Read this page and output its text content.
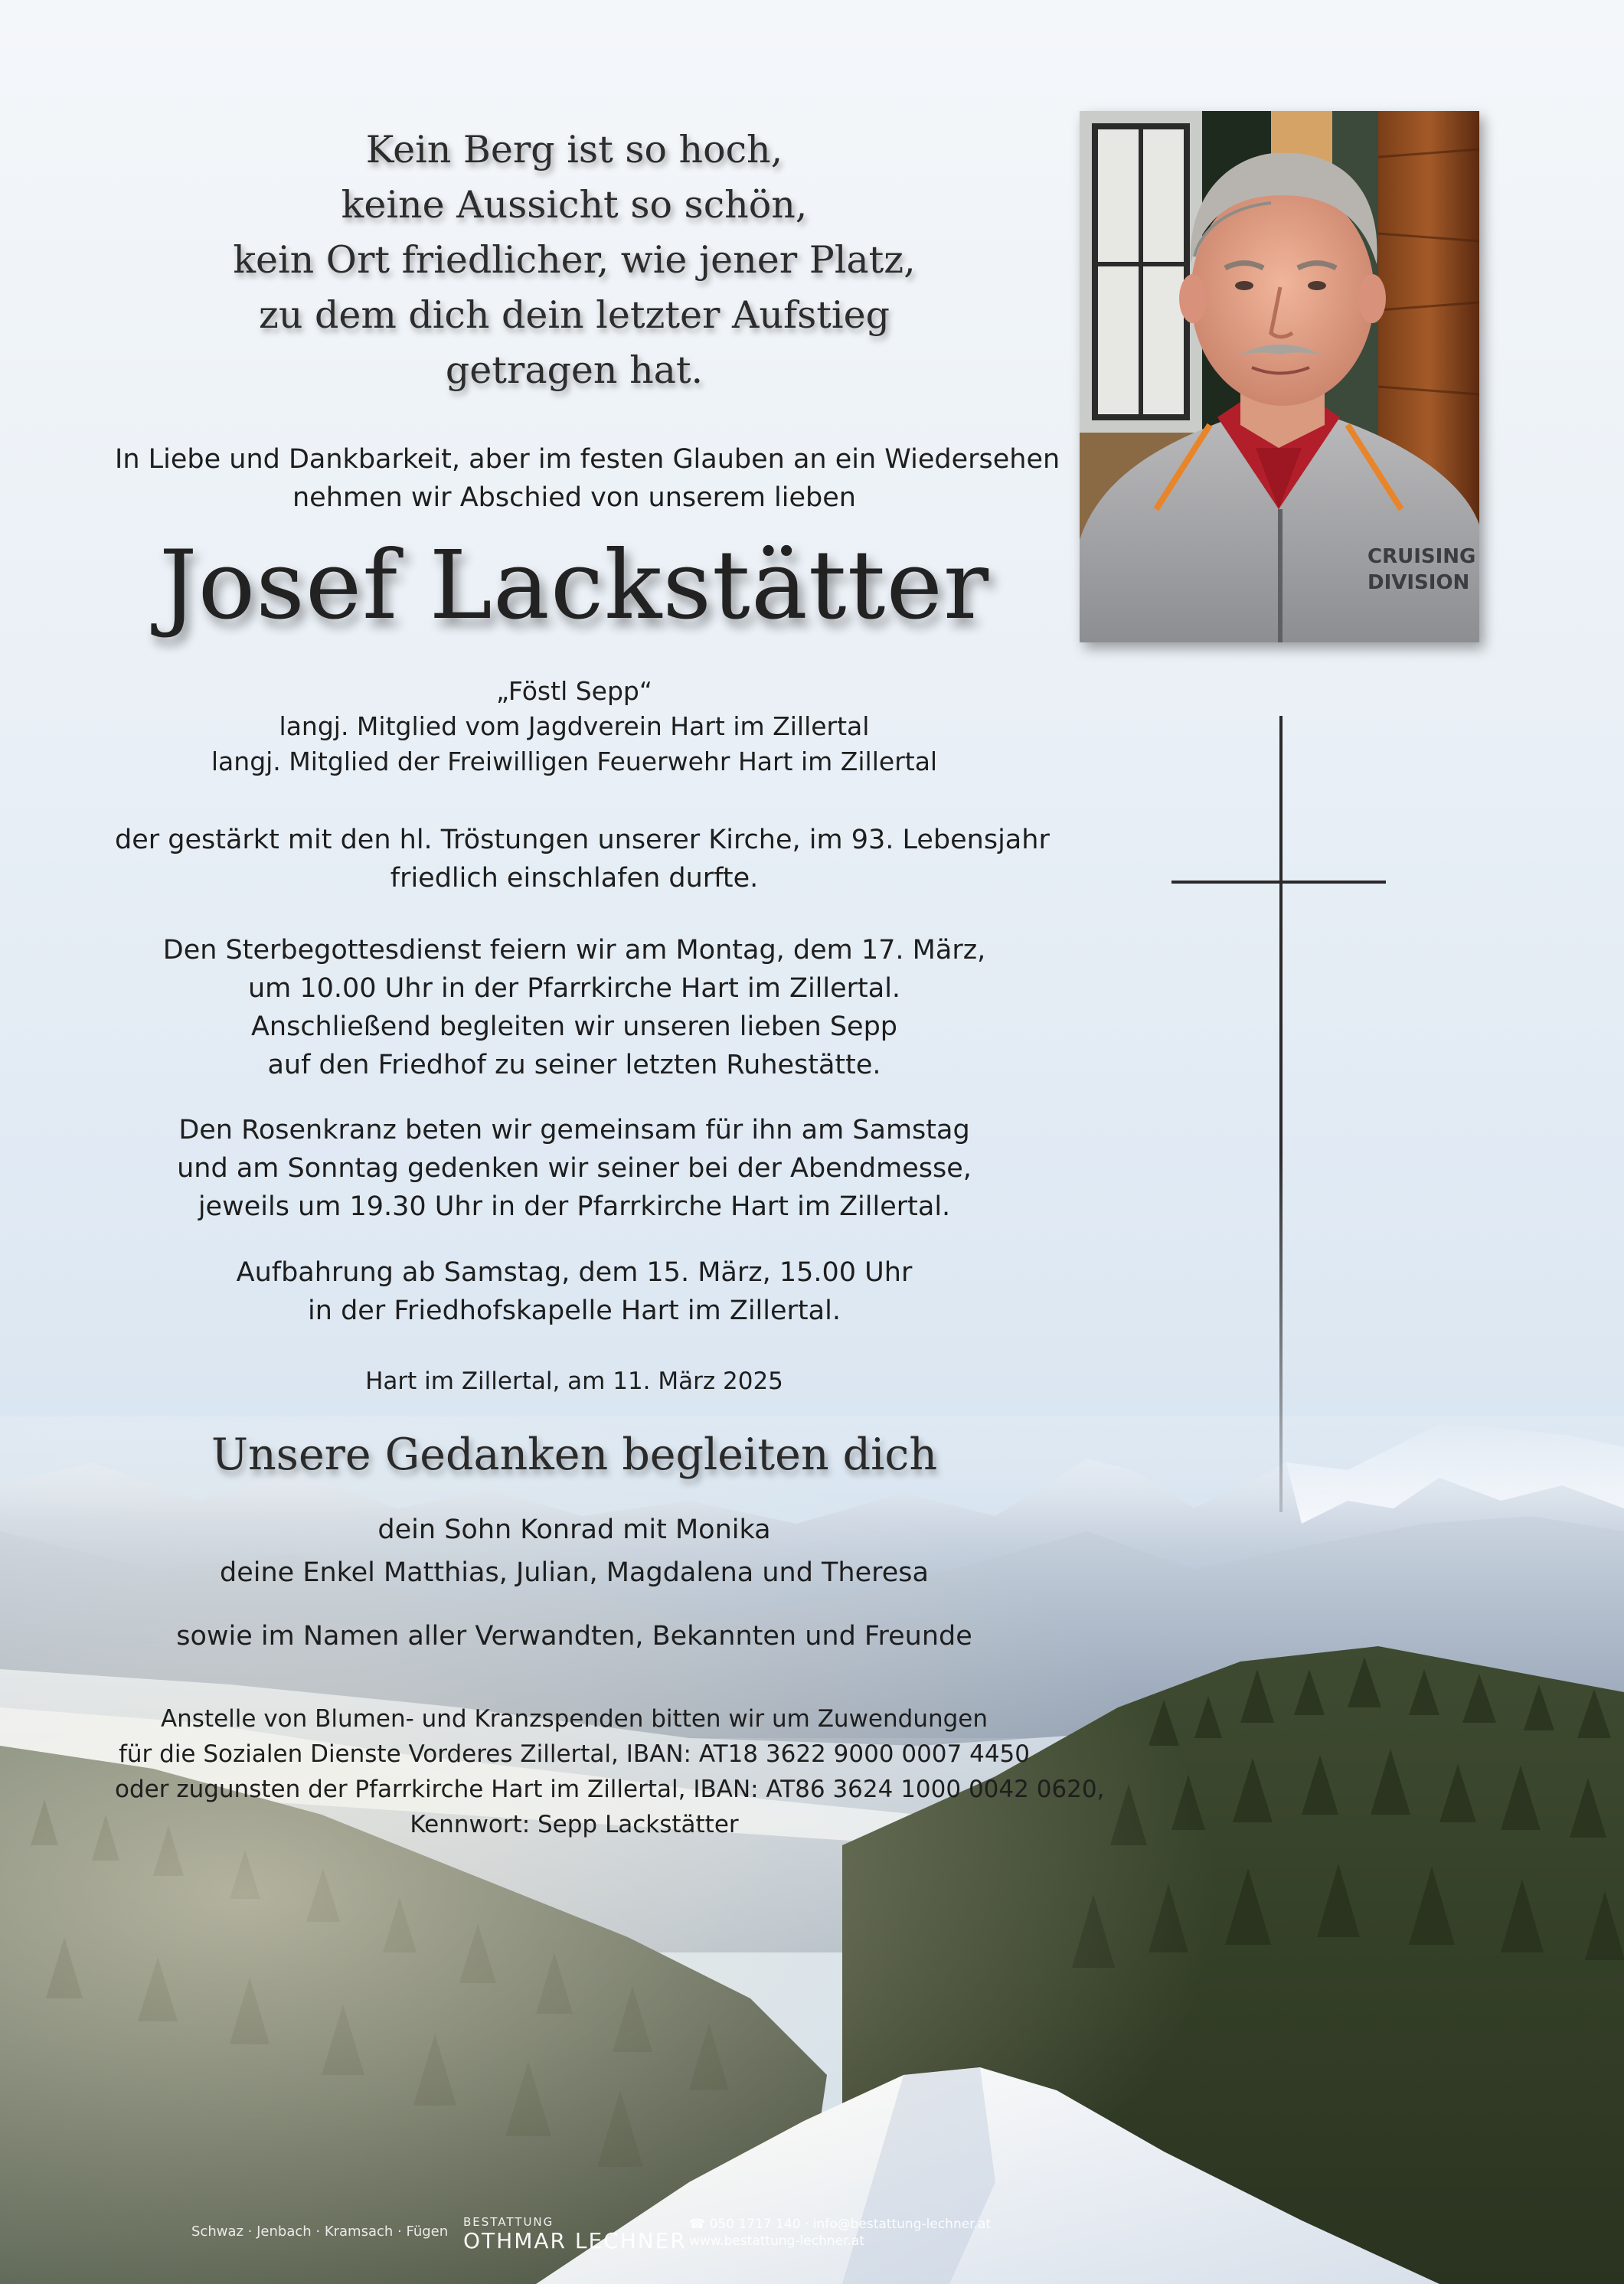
Kein Berg ist so hoch,
keine Aussicht so schön,
kein Ort friedlicher, wie jener Platz,
zu dem dich dein letzter Aufstieg
getragen hat.
In Liebe und Dankbarkeit, aber im festen Glauben an ein Wiedersehen
nehmen wir Abschied von unserem lieben
Josef Lackstätter
„Föstl Sepp“
langj. Mitglied vom Jagdverein Hart im Zillertal
langj. Mitglied der Freiwilligen Feuerwehr Hart im Zillertal
der gestärkt mit den hl. Tröstungen unserer Kirche, im 93. Lebensjahr
friedlich einschlafen durfte.
Den Sterbegottesdienst feiern wir am Montag, dem 17. März,
um 10.00 Uhr in der Pfarrkirche Hart im Zillertal.
Anschließend begleiten wir unseren lieben Sepp
auf den Friedhof zu seiner letzten Ruhestätte.
Den Rosenkranz beten wir gemeinsam für ihn am Samstag
und am Sonntag gedenken wir seiner bei der Abendmesse,
jeweils um 19.30 Uhr in der Pfarrkirche Hart im Zillertal.
Aufbahrung ab Samstag, dem 15. März, 15.00 Uhr
in der Friedhofskapelle Hart im Zillertal.
Hart im Zillertal, am 11. März 2025
Unsere Gedanken begleiten dich
dein Sohn Konrad mit Monika
deine Enkel Matthias, Julian, Magdalena und Theresa
sowie im Namen aller Verwandten, Bekannten und Freunde
Anstelle von Blumen- und Kranzspenden bitten wir um Zuwendungen
für die Sozialen Dienste Vorderes Zillertal, IBAN: AT18 3622 9000 0007 4450
oder zugunsten der Pfarrkirche Hart im Zillertal, IBAN: AT86 3624 1000 0042 0620,
Kennwort: Sepp Lackstätter
CRUISING
DIVISION
Schwaz · Jenbach · Kramsach · Fügen
BESTATTUNG
OTHMAR LECHNER
☎ 050 1717 140 · info@bestattung-lechner.at
www.bestattung-lechner.at
